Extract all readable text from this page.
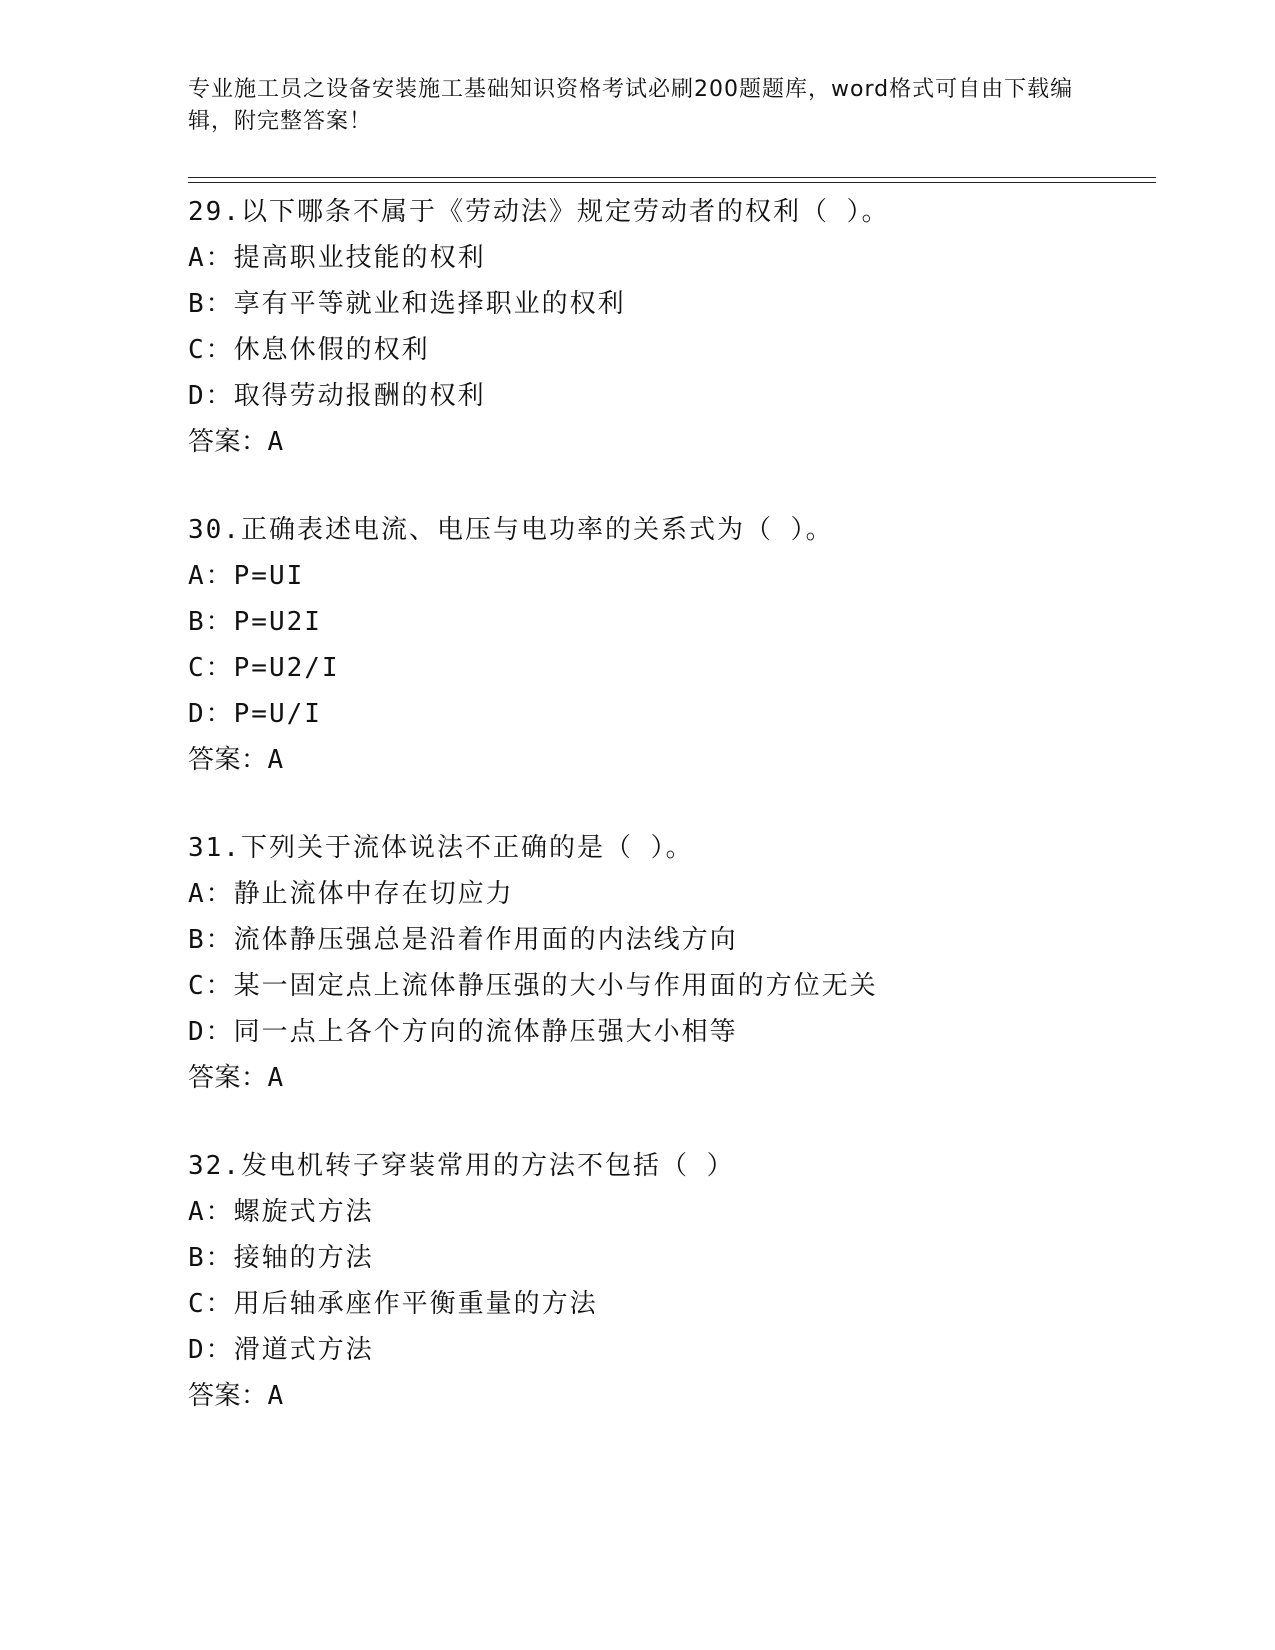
专业施工员之设备安装施工基础知识资格考试必刷200题题库，word格式可自由下载编辑，附完整答案！
29.以下哪条不属于《劳动法》规定劳动者的权利（ ）。
A：提高职业技能的权利
B：享有平等就业和选择职业的权利
C：休息休假的权利
D：取得劳动报酬的权利
答案：A
30.正确表述电流、电压与电功率的关系式为（ ）。
A：P=UI
B：P=U2I
C：P=U2/I
D：P=U/I
答案：A
31.下列关于流体说法不正确的是（ ）。
A：静止流体中存在切应力
B：流体静压强总是沿着作用面的内法线方向
C：某一固定点上流体静压强的大小与作用面的方位无关
D：同一点上各个方向的流体静压强大小相等
答案：A
32.发电机转子穿装常用的方法不包括（ ）
A：螺旋式方法
B：接轴的方法
C：用后轴承座作平衡重量的方法
D：滑道式方法
答案：A
